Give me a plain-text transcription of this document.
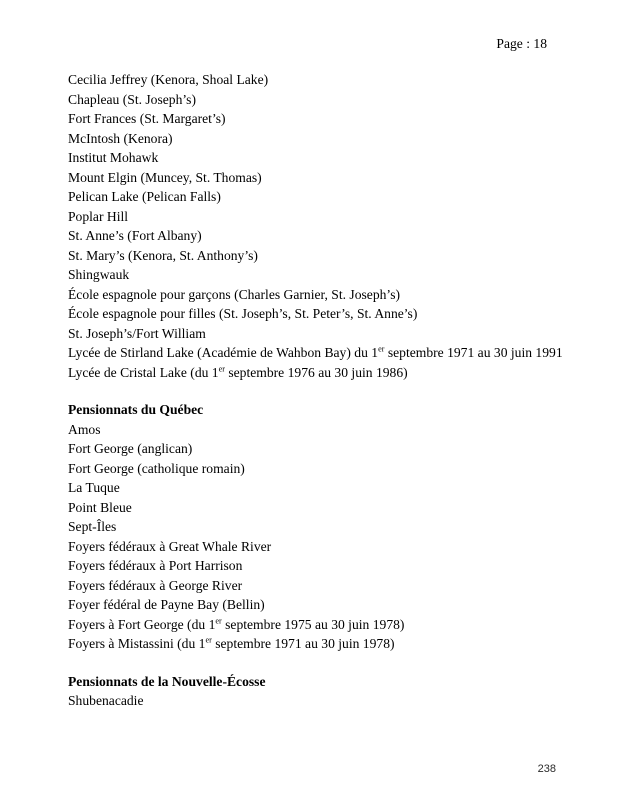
Page : 18
Cecilia Jeffrey (Kenora, Shoal Lake)
Chapleau (St. Joseph’s)
Fort Frances (St. Margaret’s)
McIntosh (Kenora)
Institut Mohawk
Mount Elgin (Muncey, St. Thomas)
Pelican Lake (Pelican Falls)
Poplar Hill
St. Anne’s (Fort Albany)
St. Mary’s (Kenora, St. Anthony’s)
Shingwauk
École espagnole pour garçons (Charles Garnier, St. Joseph’s)
École espagnole pour filles (St. Joseph’s, St. Peter’s, St. Anne’s)
St. Joseph’s/Fort William
Lycée de Stirland Lake (Académie de Wahbon Bay) du 1er septembre 1971 au 30 juin 1991
Lycée de Cristal Lake (du 1er septembre 1976 au 30 juin 1986)
Pensionnats du Québec
Amos
Fort George (anglican)
Fort George (catholique romain)
La Tuque
Point Bleue
Sept-Îles
Foyers fédéraux à Great Whale River
Foyers fédéraux à Port Harrison
Foyers fédéraux à George River
Foyer fédéral de Payne Bay (Bellin)
Foyers à Fort George (du 1er septembre 1975 au 30 juin 1978)
Foyers à Mistassini (du 1er septembre 1971 au 30 juin 1978)
Pensionnats de la Nouvelle-Écosse
Shubenacadie
238
